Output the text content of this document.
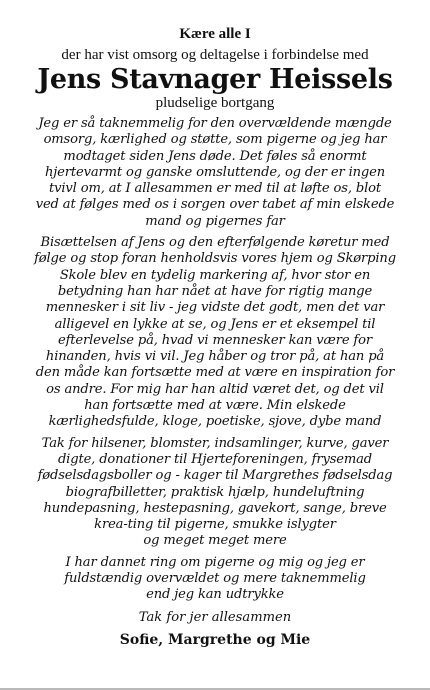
Kære alle I
der har vist omsorg og deltagelse i forbindelse med
Jens Stavnager Heissels
pludselige bortgang
Jeg er så taknemmelig for den overvældende mængde
omsorg, kærlighed og støtte, som pigerne og jeg har
modtaget siden Jens døde. Det føles så enormt
hjertevarmt og ganske omsluttende, og der er ingen
tvivl om, at I allesammen er med til at løfte os, blot
ved at følges med os i sorgen over tabet af min elskede
mand og pigernes far
Bisættelsen af Jens og den efterfølgende køretur med
følge og stop foran henholdsvis vores hjem og Skørping
Skole blev en tydelig markering af, hvor stor en
betydning han har nået at have for rigtig mange
mennesker i sit liv - jeg vidste det godt, men det var
alligevel en lykke at se, og Jens er et eksempel til
efterlevelse på, hvad vi mennesker kan være for
hinanden, hvis vi vil. Jeg håber og tror på, at han på
den måde kan fortsætte med at være en inspiration for
os andre. For mig har han altid været det, og det vil
han fortsætte med at være. Min elskede
kærlighedsfulde, kloge, poetiske, sjove, dybe mand
Tak for hilsener, blomster, indsamlinger, kurve, gaver
digte, donationer til Hjerteforeningen, frysemad
fødselsdagsboller og - kager til Margrethes fødselsdag
biografbilletter, praktisk hjælp, hundeluftning
hundepasning, hestepasning, gavekort, sange, breve
krea-ting til pigerne, smukke islygter
og meget meget mere
I har dannet ring om pigerne og mig og jeg er
fuldstændig overvældet og mere taknemmelig
end jeg kan udtrykke
Tak for jer allesammen
Sofie, Margrethe og Mie
